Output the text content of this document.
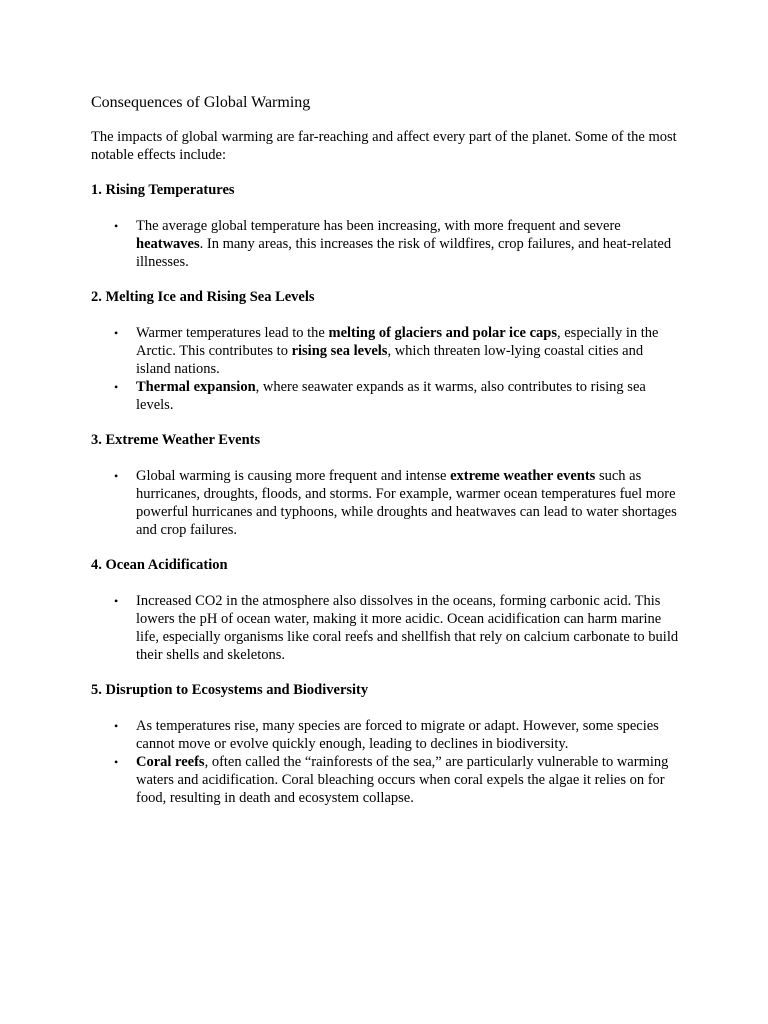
Consequences of Global Warming

The impacts of global warming are far-reaching and affect every part of the planet. Some of the most notable effects include:

1. Rising Temperatures
• The average global temperature has been increasing, with more frequent and severe heatwaves. In many areas, this increases the risk of wildfires, crop failures, and heat-related illnesses.
2. Melting Ice and Rising Sea Levels
• Warmer temperatures lead to the melting of glaciers and polar ice caps, especially in the Arctic. This contributes to rising sea levels, which threaten low-lying coastal cities and island nations.
• Thermal expansion, where seawater expands as it warms, also contributes to rising sea levels.
3. Extreme Weather Events
• Global warming is causing more frequent and intense extreme weather events such as hurricanes, droughts, floods, and storms. For example, warmer ocean temperatures fuel more powerful hurricanes and typhoons, while droughts and heatwaves can lead to water shortages and crop failures.
4. Ocean Acidification
• Increased CO2 in the atmosphere also dissolves in the oceans, forming carbonic acid. This lowers the pH of ocean water, making it more acidic. Ocean acidification can harm marine life, especially organisms like coral reefs and shellfish that rely on calcium carbonate to build their shells and skeletons.
5. Disruption to Ecosystems and Biodiversity
• As temperatures rise, many species are forced to migrate or adapt. However, some species cannot move or evolve quickly enough, leading to declines in biodiversity.
• Coral reefs, often called the “rainforests of the sea,” are particularly vulnerable to warming waters and acidification. Coral bleaching occurs when coral expels the algae it relies on for food, resulting in death and ecosystem collapse.
